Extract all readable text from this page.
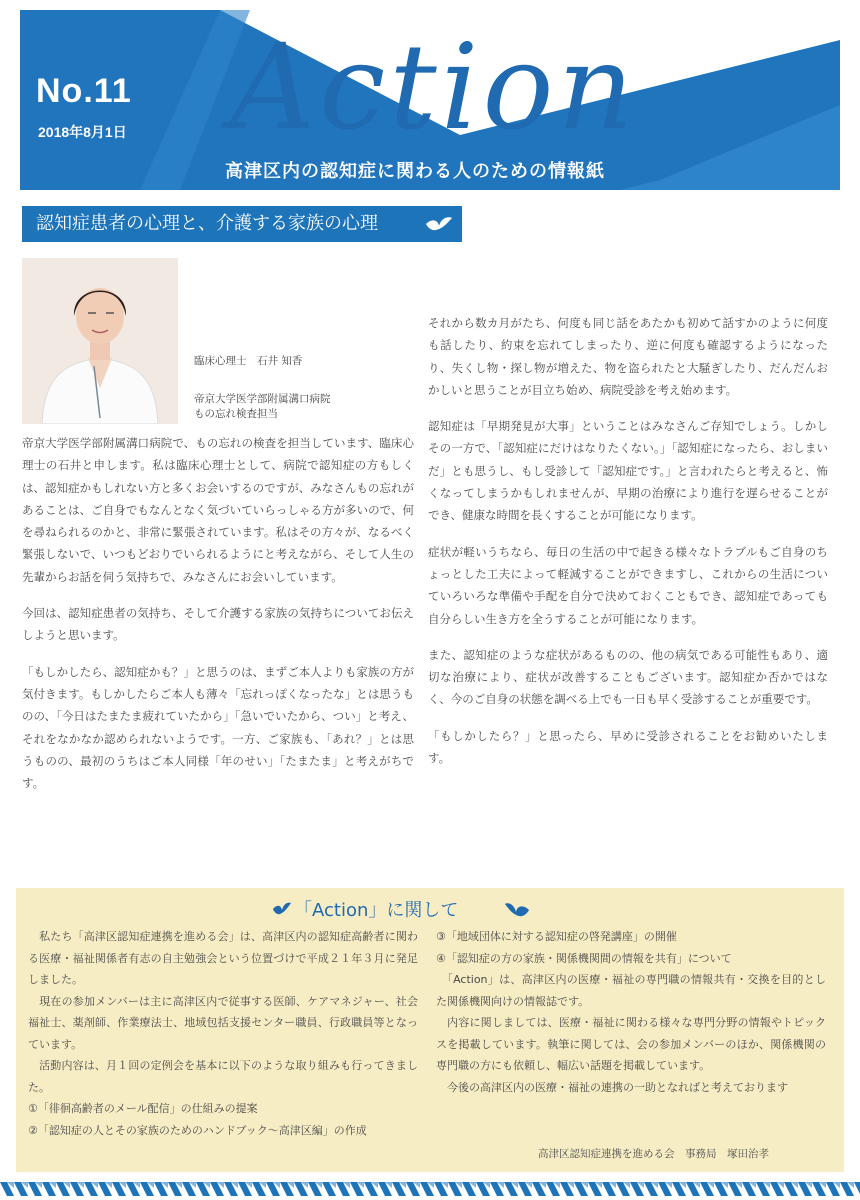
No.11
2018年8月1日 Action
高津区内の認知症に関わる人のための情報紙
認知症患者の心理と、介護する家族の心理
臨床心理士　石井 知香
帝京大学医学部附属溝口病院
もの忘れ検査担当

帝京大学医学部附属溝口病院で、もの忘れの検査を担当しています、臨床心理士の石井と申します。私は臨床心理士として、病院で認知症の方もしくは、認知症かもしれない方と多くお会いするのですが、みなさんもの忘れがあることは、ご自身でもなんとなく気づいていらっしゃる方が多いので、何を尋ねられるのかと、非常に緊張されています。私はその方々が、なるべく緊張しないで、いつもどおりでいられるようにと考えながら、そして人生の先輩からお話を伺う気持ちで、みなさんにお会いしています。

今回は、認知症患者の気持ち、そして介護する家族の気持ちについてお伝えしようと思います。

「もしかしたら、認知症かも？」と思うのは、まずご本人よりも家族の方が気付きます。もしかしたらご本人も薄々「忘れっぽくなったな」とは思うものの、「今日はたまたま疲れていたから」「急いでいたから、つい」と考え、それをなかなか認められないようです。一方、ご家族も、「あれ？」とは思うものの、最初のうちはご本人同様「年のせい」「たまたま」と考えがちです。

それから数カ月がたち、何度も同じ話をあたかも初めて話すかのように何度も話したり、約束を忘れてしまったり、逆に何度も確認するようになったり、失くし物・探し物が増えた、物を盗られたと大騒ぎしたり、だんだんおかしいと思うことが目立ち始め、病院受診を考え始めます。

認知症は「早期発見が大事」ということはみなさんご存知でしょう。しかしその一方で、「認知症にだけはなりたくない。」「認知症になったら、おしまいだ」とも思うし、もし受診して「認知症です。」と言われたらと考えると、怖くなってしまうかもしれませんが、早期の治療により進行を遅らせることができ、健康な時間を長くすることが可能になります。

症状が軽いうちなら、毎日の生活の中で起きる様々なトラブルもご自身のちょっとした工夫によって軽減することができますし、これからの生活についていろいろな準備や手配を自分で決めておくこともでき、認知症であっても自分らしい生き方を全うすることが可能になります。

また、認知症のような症状があるものの、他の病気である可能性もあり、適切な治療により、症状が改善することもございます。認知症か否かではなく、今のご自身の状態を調べる上でも一日も早く受診することが重要です。

「もしかしたら？」と思ったら、早めに受診されることをお勧めいたします。

「Action」に関して

　私たち「高津区認知症連携を進める会」は、高津区内の認知症高齢者に関わる医療・福祉関係者有志の自主勉強会という位置づけで平成２１年３月に発足しました。

　現在の参加メンバーは主に高津区内で従事する医師、ケアマネジャー、社会福祉士、薬剤師、作業療法士、地域包括支援センター職員、行政職員等となっています。

　活動内容は、月１回の定例会を基本に以下のような取り組みも行ってきました。

①「徘徊高齢者のメール配信」の仕組みの提案

②「認知症の人とその家族のためのハンドブック～高津区編」の作成

③「地域団体に対する認知症の啓発講座」の開催

④「認知症の方の家族・関係機関間の情報を共有」について

　「Action」は、高津区内の医療・福祉の専門職の情報共有・交換を目的とした関係機関向けの情報誌です。

　内容に関しましては、医療・福祉に関わる様々な専門分野の情報やトピックスを掲載しています。執筆に関しては、会の参加メンバーのほか、関係機関の専門職の方にも依頼し、幅広い話題を掲載しています。

　今後の高津区内の医療・福祉の連携の一助となればと考えております

高津区認知症連携を進める会　事務局　塚田治孝
